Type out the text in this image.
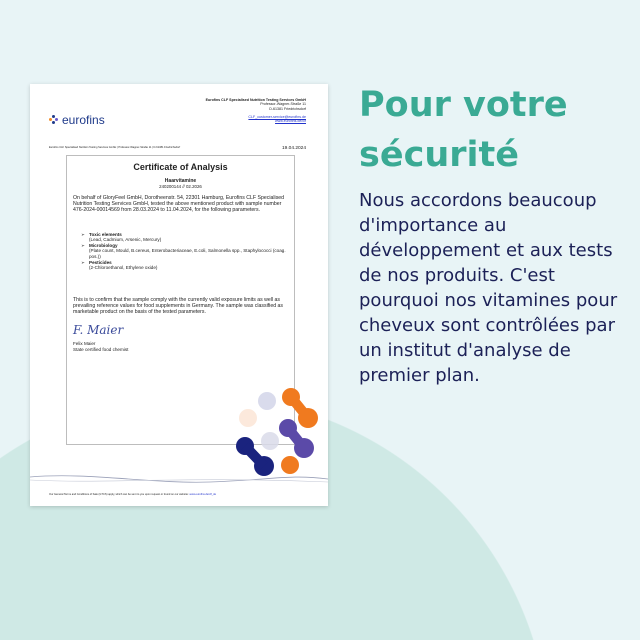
eurofins
Eurofins CLF Specialised Nutrition Testing Services GmbH
Professor-Wagner-Straße 11
D-61381 Friedrichsdorf
CLF_customer-service@eurofins.de
www.eurofins.de/clf
Eurofins CLF Specialised Nutrition Testing Services GmbH | Professor-Wagner-Straße 11 | D-61381 Friedrichsdorf	19.04.2024
Certificate of Analysis
Haarvitamine
240200144 // 02.2026

On behalf of GloryFeel GmbH, Dorotheenstr. 54, 22301 Hamburg, Eurofins CLF Specialised Nutrition Testing Services GmbH, tested the above mentioned product with sample number 476-2024-00014569 from 28.03.2024 to 11.04.2024, for the following parameters.

➢ Toxic elements
(Lead, Cadmium, Arsenic, Mercury)
➢ Microbiology
(Plate count, Mould, B.cereus, Enterobacteriaceae, E.coli, Salmonella spp., Staphylococci (coag. pos.))
➢ Pesticides
(2-Chloroethanol, Ethylene oxide)

This is to confirm that the sample comply with the currently valid exposure limits as well as prevailing reference values for food supplements in Germany. The sample was classified as marketable product on the basis of the tested parameters.

F. Maier
Felix Maier
State certified food chemist
Our General Terms and Conditions of Sale (GTCS) apply, which can be sent to you upon request or found on our website: www.eurofins.de/clf_de
Pour votre
sécurité

Nous accordons beaucoup d'importance au développement et aux tests de nos produits. C'est pourquoi nos vitamines pour cheveux sont contrôlées par un institut d'analyse de premier plan.
